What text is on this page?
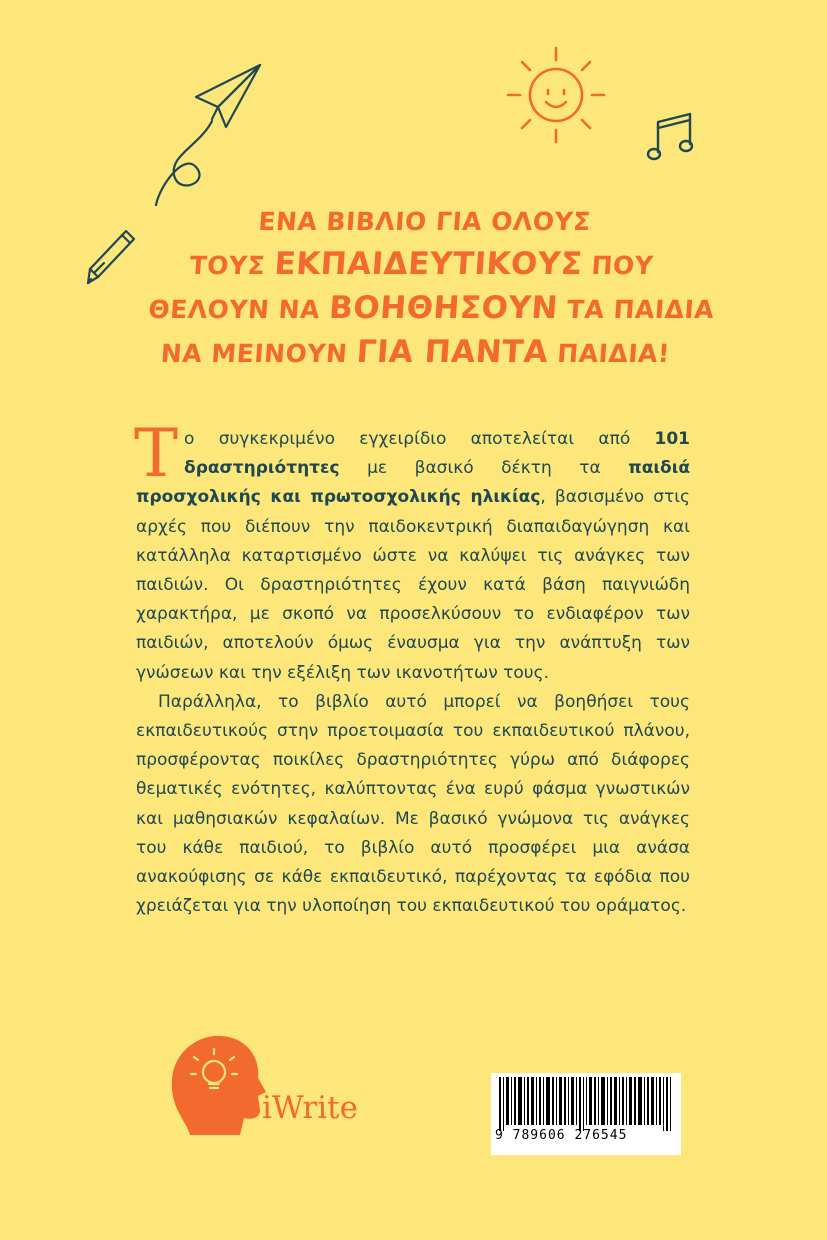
ΕΝΑ ΒΙΒΛΙΟ ΓΙΑ ΟΛΟΥΣ
ΤΟΥΣ ΕΚΠΑΙΔΕΥΤΙΚΟΥΣ ΠΟΥ
ΘΕΛΟΥΝ ΝΑ ΒΟΗΘΗΣΟΥΝ ΤΑ ΠΑΙΔΙΑ
ΝΑ ΜΕΙΝΟΥΝ ΓΙΑ ΠΑΝΤΑ ΠΑΙΔΙΑ!

Το συγκεκριμένο εγχειρίδιο αποτελείται από 101 δραστηριότητες με βασικό δέκτη τα παιδιά προσχολικής και πρωτοσχολικής ηλικίας, βασισμένο στις αρχές που διέπουν την παιδοκεντρική διαπαιδαγώγηση και κατάλληλα καταρτισμένο ώστε να καλύψει τις ανάγκες των παιδιών. Οι δραστηριότητες έχουν κατά βάση παιγνιώδη χαρακτήρα, με σκοπό να προσελκύσουν το ενδιαφέρον των παιδιών, αποτελούν όμως έναυσμα για την ανάπτυξη των γνώσεων και την εξέλιξη των ικανοτήτων τους.

Παράλληλα, το βιβλίο αυτό μπορεί να βοηθήσει τους εκπαιδευτικούς στην προετοιμασία του εκπαιδευτικού πλάνου, προσφέροντας ποικίλες δραστηριότητες γύρω από διάφορες θεματικές ενότητες, καλύπτοντας ένα ευρύ φάσμα γνωστικών και μαθησιακών κεφαλαίων. Με βασικό γνώμονα τις ανάγκες του κάθε παιδιού, το βιβλίο αυτό προσφέρει μια ανάσα ανακούφισης σε κάθε εκπαιδευτικό, παρέχοντας τα εφόδια που χρειάζεται για την υλοποίηση του εκπαιδευτικού του οράματος.

iWrite
9 789606 276545
